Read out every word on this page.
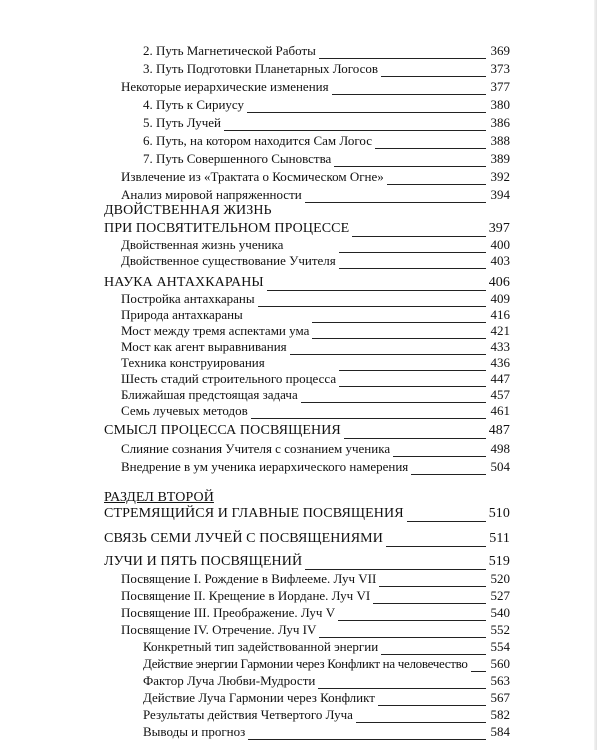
2. Путь Магнетической Работы	369
3. Путь Подготовки Планетарных Логосов	373
Некоторые иерархические изменения	377
4. Путь к Сириусу	380
5. Путь Лучей	386
6. Путь, на котором находится Сам Логос	388
7. Путь Совершенного Сыновства	389
Извлечение из «Трактата о Космическом Огне»	392
Анализ мировой напряженности	394
ДВОЙСТВЕННАЯ ЖИЗНЬ
ПРИ ПОСВЯТИТЕЛЬНОМ ПРОЦЕССЕ	397
Двойственная жизнь ученика	400
Двойственное существование Учителя	403
НАУКА АНТАХКАРАНЫ	406
Постройка антахкараны	409
Природа антахкараны	416
Мост между тремя аспектами ума	421
Мост как агент выравнивания	433
Техника конструирования	436
Шесть стадий строительного процесса	447
Ближайшая предстоящая задача	457
Семь лучевых методов	461
СМЫСЛ ПРОЦЕССА ПОСВЯЩЕНИЯ	487
Слияние сознания Учителя с сознанием ученика	498
Внедрение в ум ученика иерархического намерения	504
РАЗДЕЛ ВТОРОЙ
СТРЕМЯЩИЙСЯ И ГЛАВНЫЕ ПОСВЯЩЕНИЯ	510
СВЯЗЬ СЕМИ ЛУЧЕЙ С ПОСВЯЩЕНИЯМИ	511
ЛУЧИ И ПЯТЬ ПОСВЯЩЕНИЙ	519
Посвящение I. Рождение в Вифлееме. Луч VII	520
Посвящение II. Крещение в Иордане. Луч VI	527
Посвящение III. Преображение. Луч V	540
Посвящение IV. Отречение. Луч IV	552
Конкретный тип задействованной энергии	554
Действие энергии Гармонии через Конфликт на человечество 560
Фактор Луча Любви-Мудрости	563
Действие Луча Гармонии через Конфликт	567
Результаты действия Четвертого Луча	582
Выводы и прогноз	584
